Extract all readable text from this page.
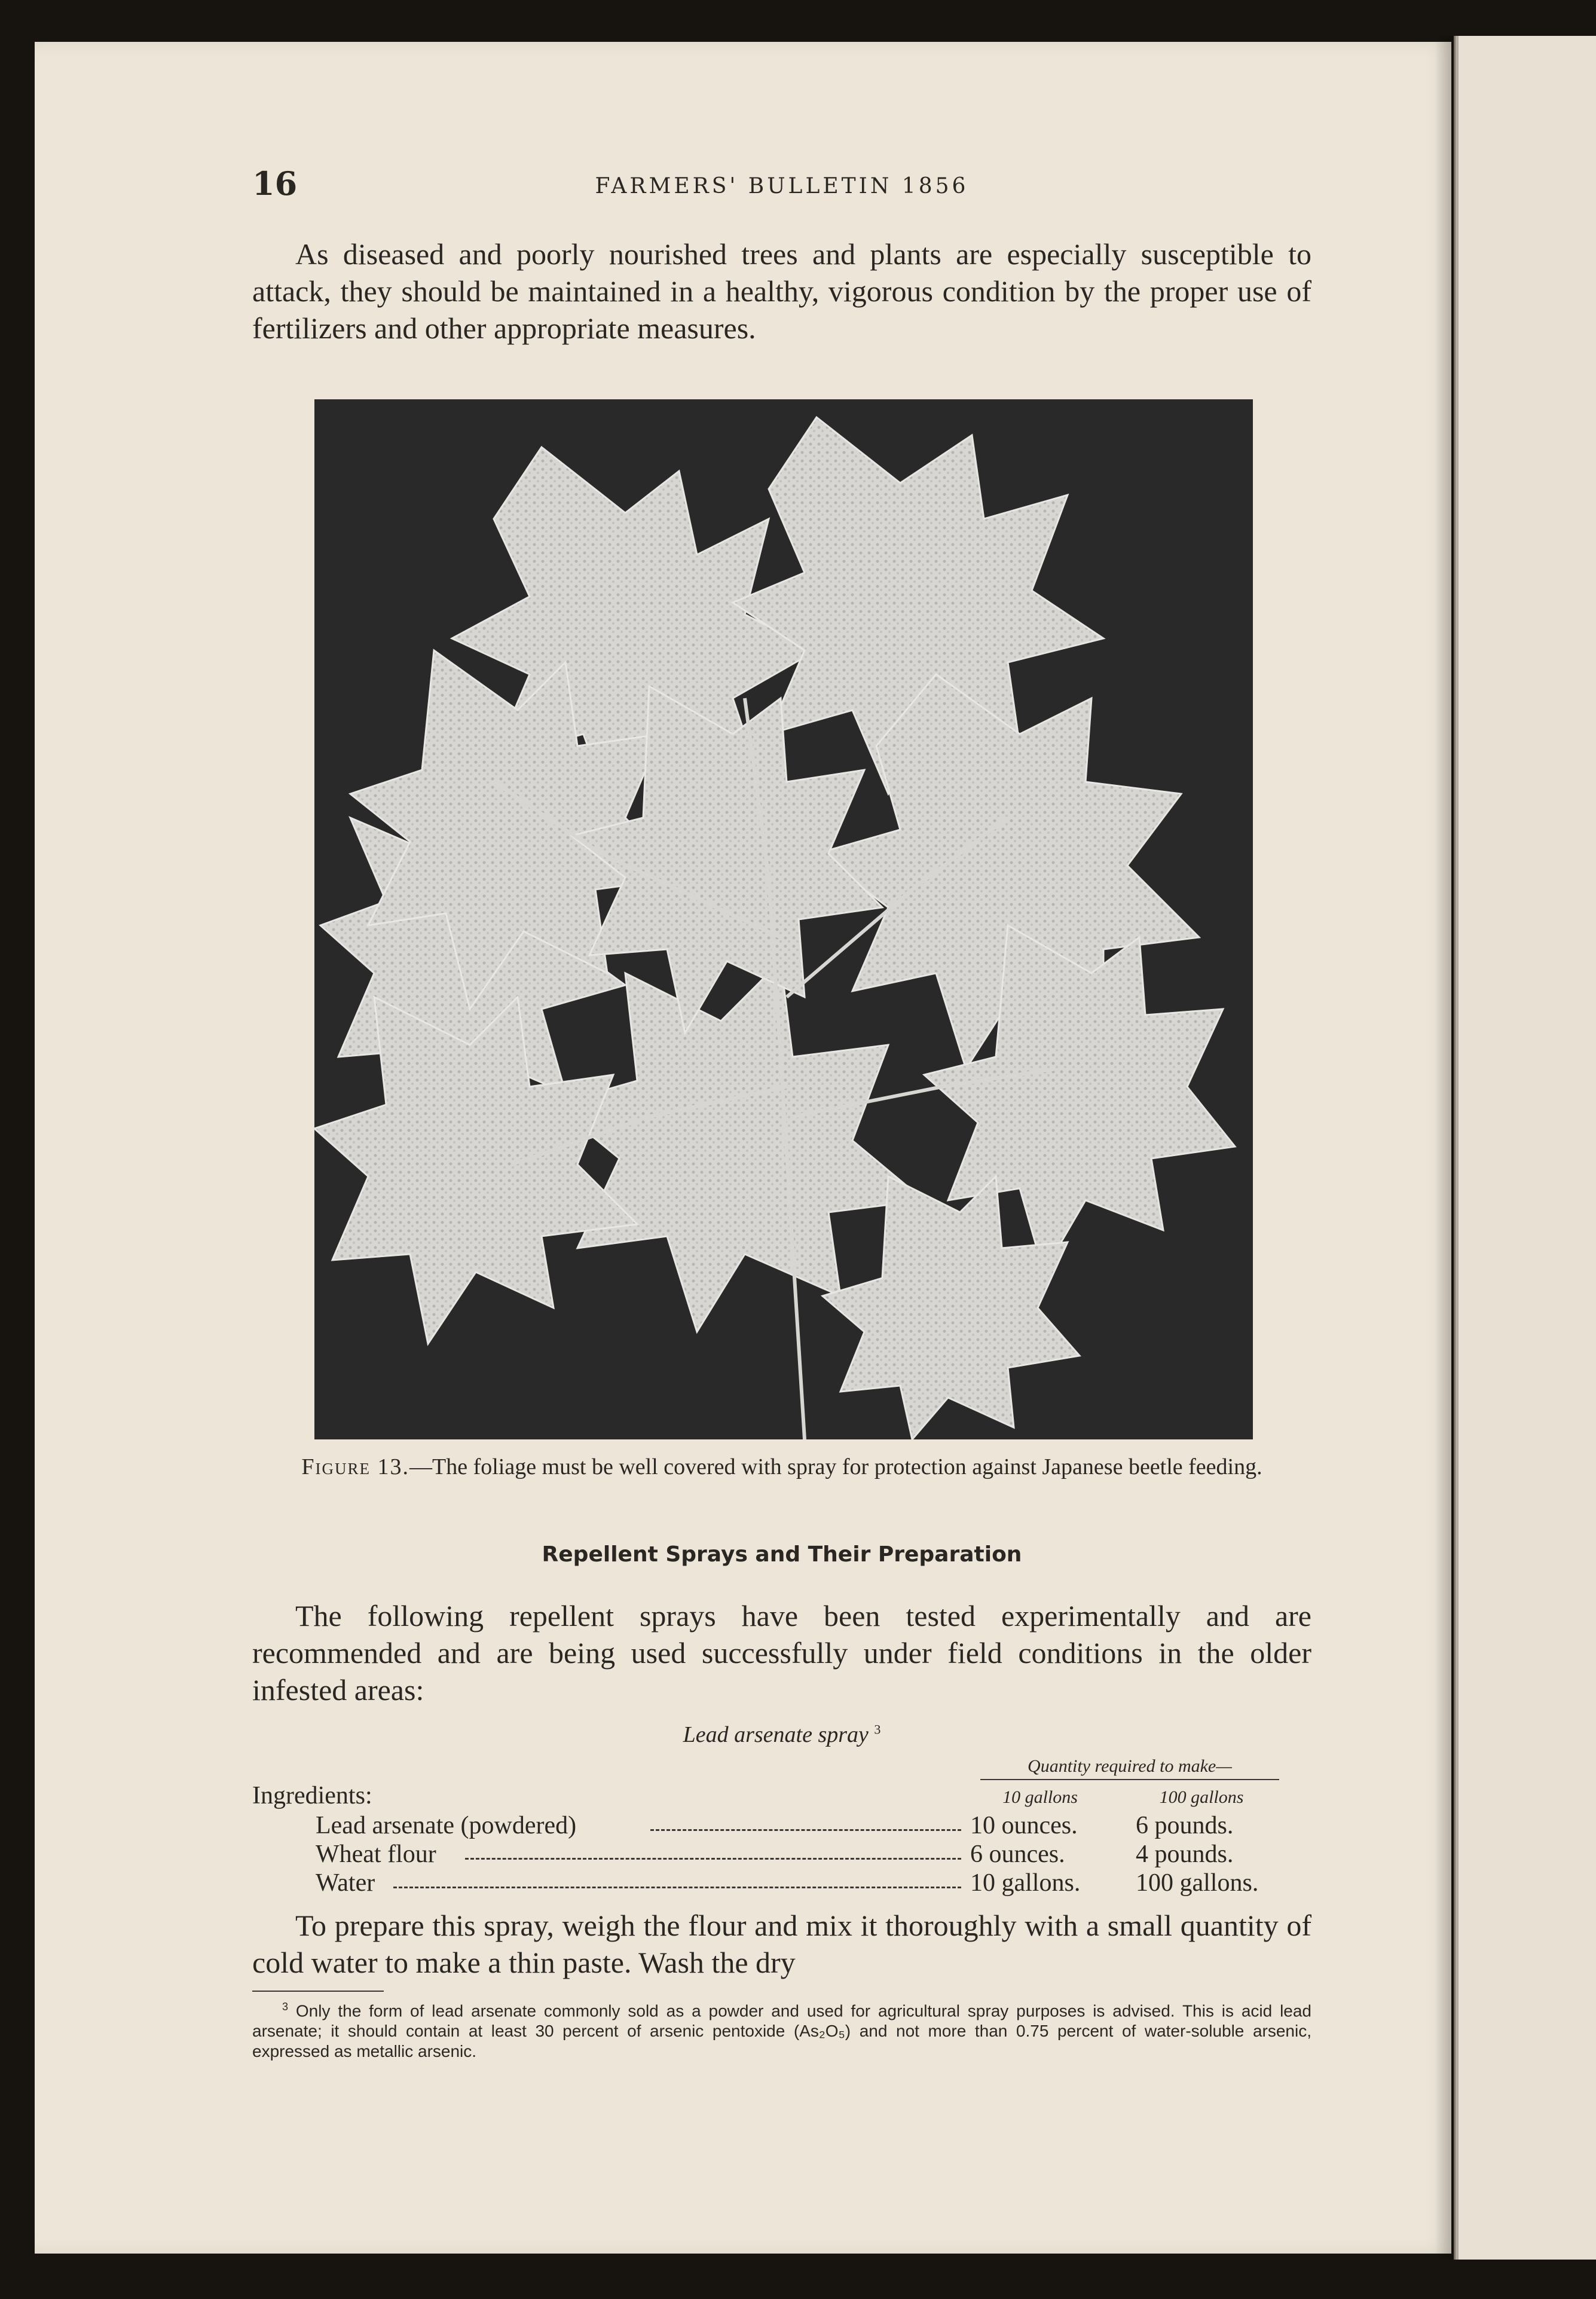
16	FARMERS' BULLETIN 1856

As diseased and poorly nourished trees and plants are especially susceptible to attack, they should be maintained in a healthy, vigorous condition by the proper use of fertilizers and other appropriate measures.

Figure 13.—The foliage must be well covered with spray for protection against Japanese beetle feeding.
Repellent Sprays and Their Preparation

The following repellent sprays have been tested experimentally and are recommended and are being used successfully under field conditions in the older infested areas:

Lead arsenate spray $^3$
Quantity required to make—
10 gallons	100 gallons
Ingredients:
Lead arsenate (powdered)	10 ounces. 6 pounds.
Wheat flour	6 ounces.	4 pounds.
Water	10 gallons. 100 gallons.

To prepare this spray, weigh the flour and mix it thoroughly with a small quantity of cold water to make a thin paste. Wash the dry

$^3$ Only the form of lead arsenate commonly sold as a powder and used for agricultural spray purposes is advised. This is acid lead arsenate; it should contain at least 30 percent of arsenic pentoxide (As₂O₅) and not more than 0.75 percent of water-soluble arsenic, expressed as metallic arsenic.
